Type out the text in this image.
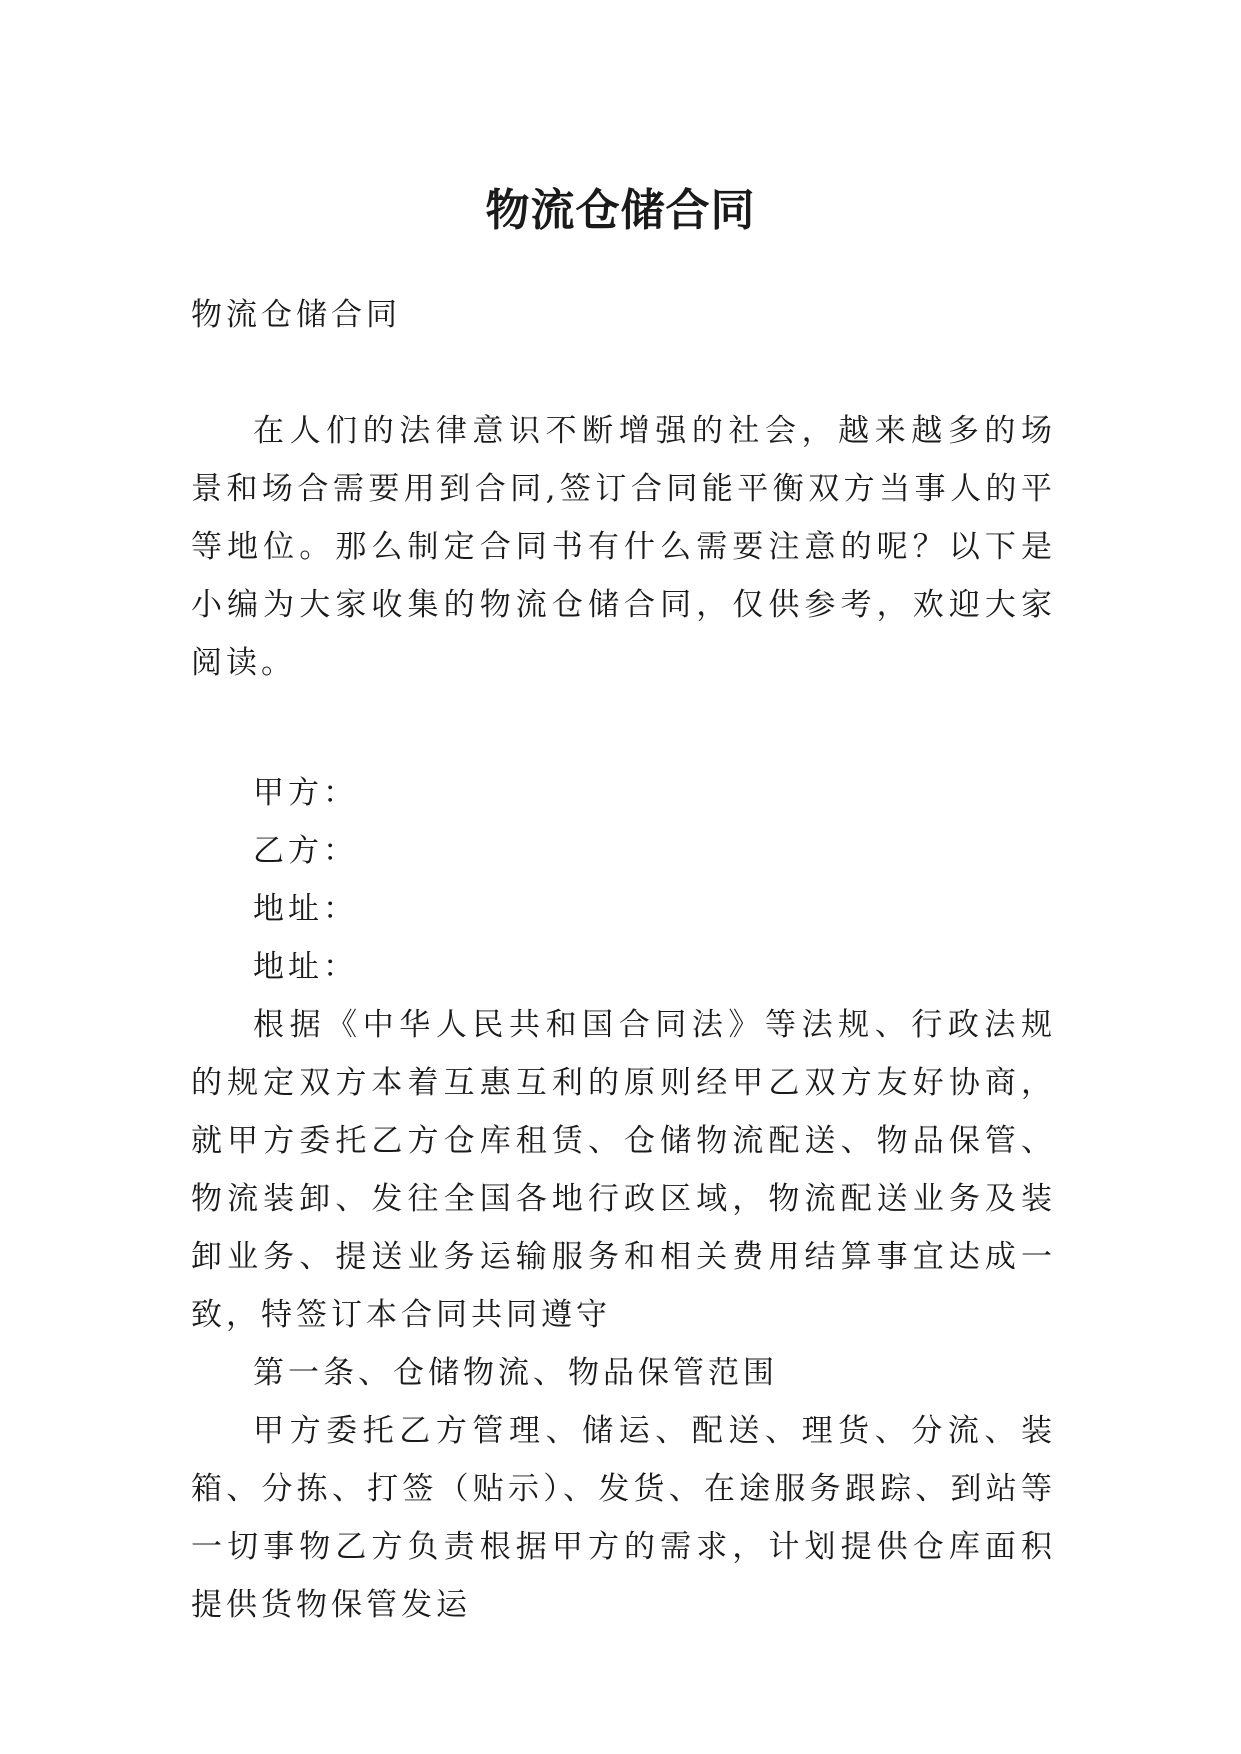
物流仓储合同

物流仓储合同

在人们的法律意识不断增强的社会，越来越多的场景和场合需要用到合同,签订合同能平衡双方当事人的平等地位。那么制定合同书有什么需要注意的呢？以下是小编为大家收集的物流仓储合同，仅供参考，欢迎大家阅读。

甲方：

乙方：

地址：

地址：

根据《中华人民共和国合同法》等法规、行政法规的规定双方本着互惠互利的原则经甲乙双方友好协商，就甲方委托乙方仓库租赁、仓储物流配送、物品保管、物流装卸、发往全国各地行政区域，物流配送业务及装卸业务、提送业务运输服务和相关费用结算事宜达成一致，特签订本合同共同遵守

第一条、仓储物流、物品保管范围

甲方委托乙方管理、储运、配送、理货、分流、装箱、分拣、打签（贴示）、发货、在途服务跟踪、到站等一切事物乙方负责根据甲方的需求，计划提供仓库面积提供货物保管发运
